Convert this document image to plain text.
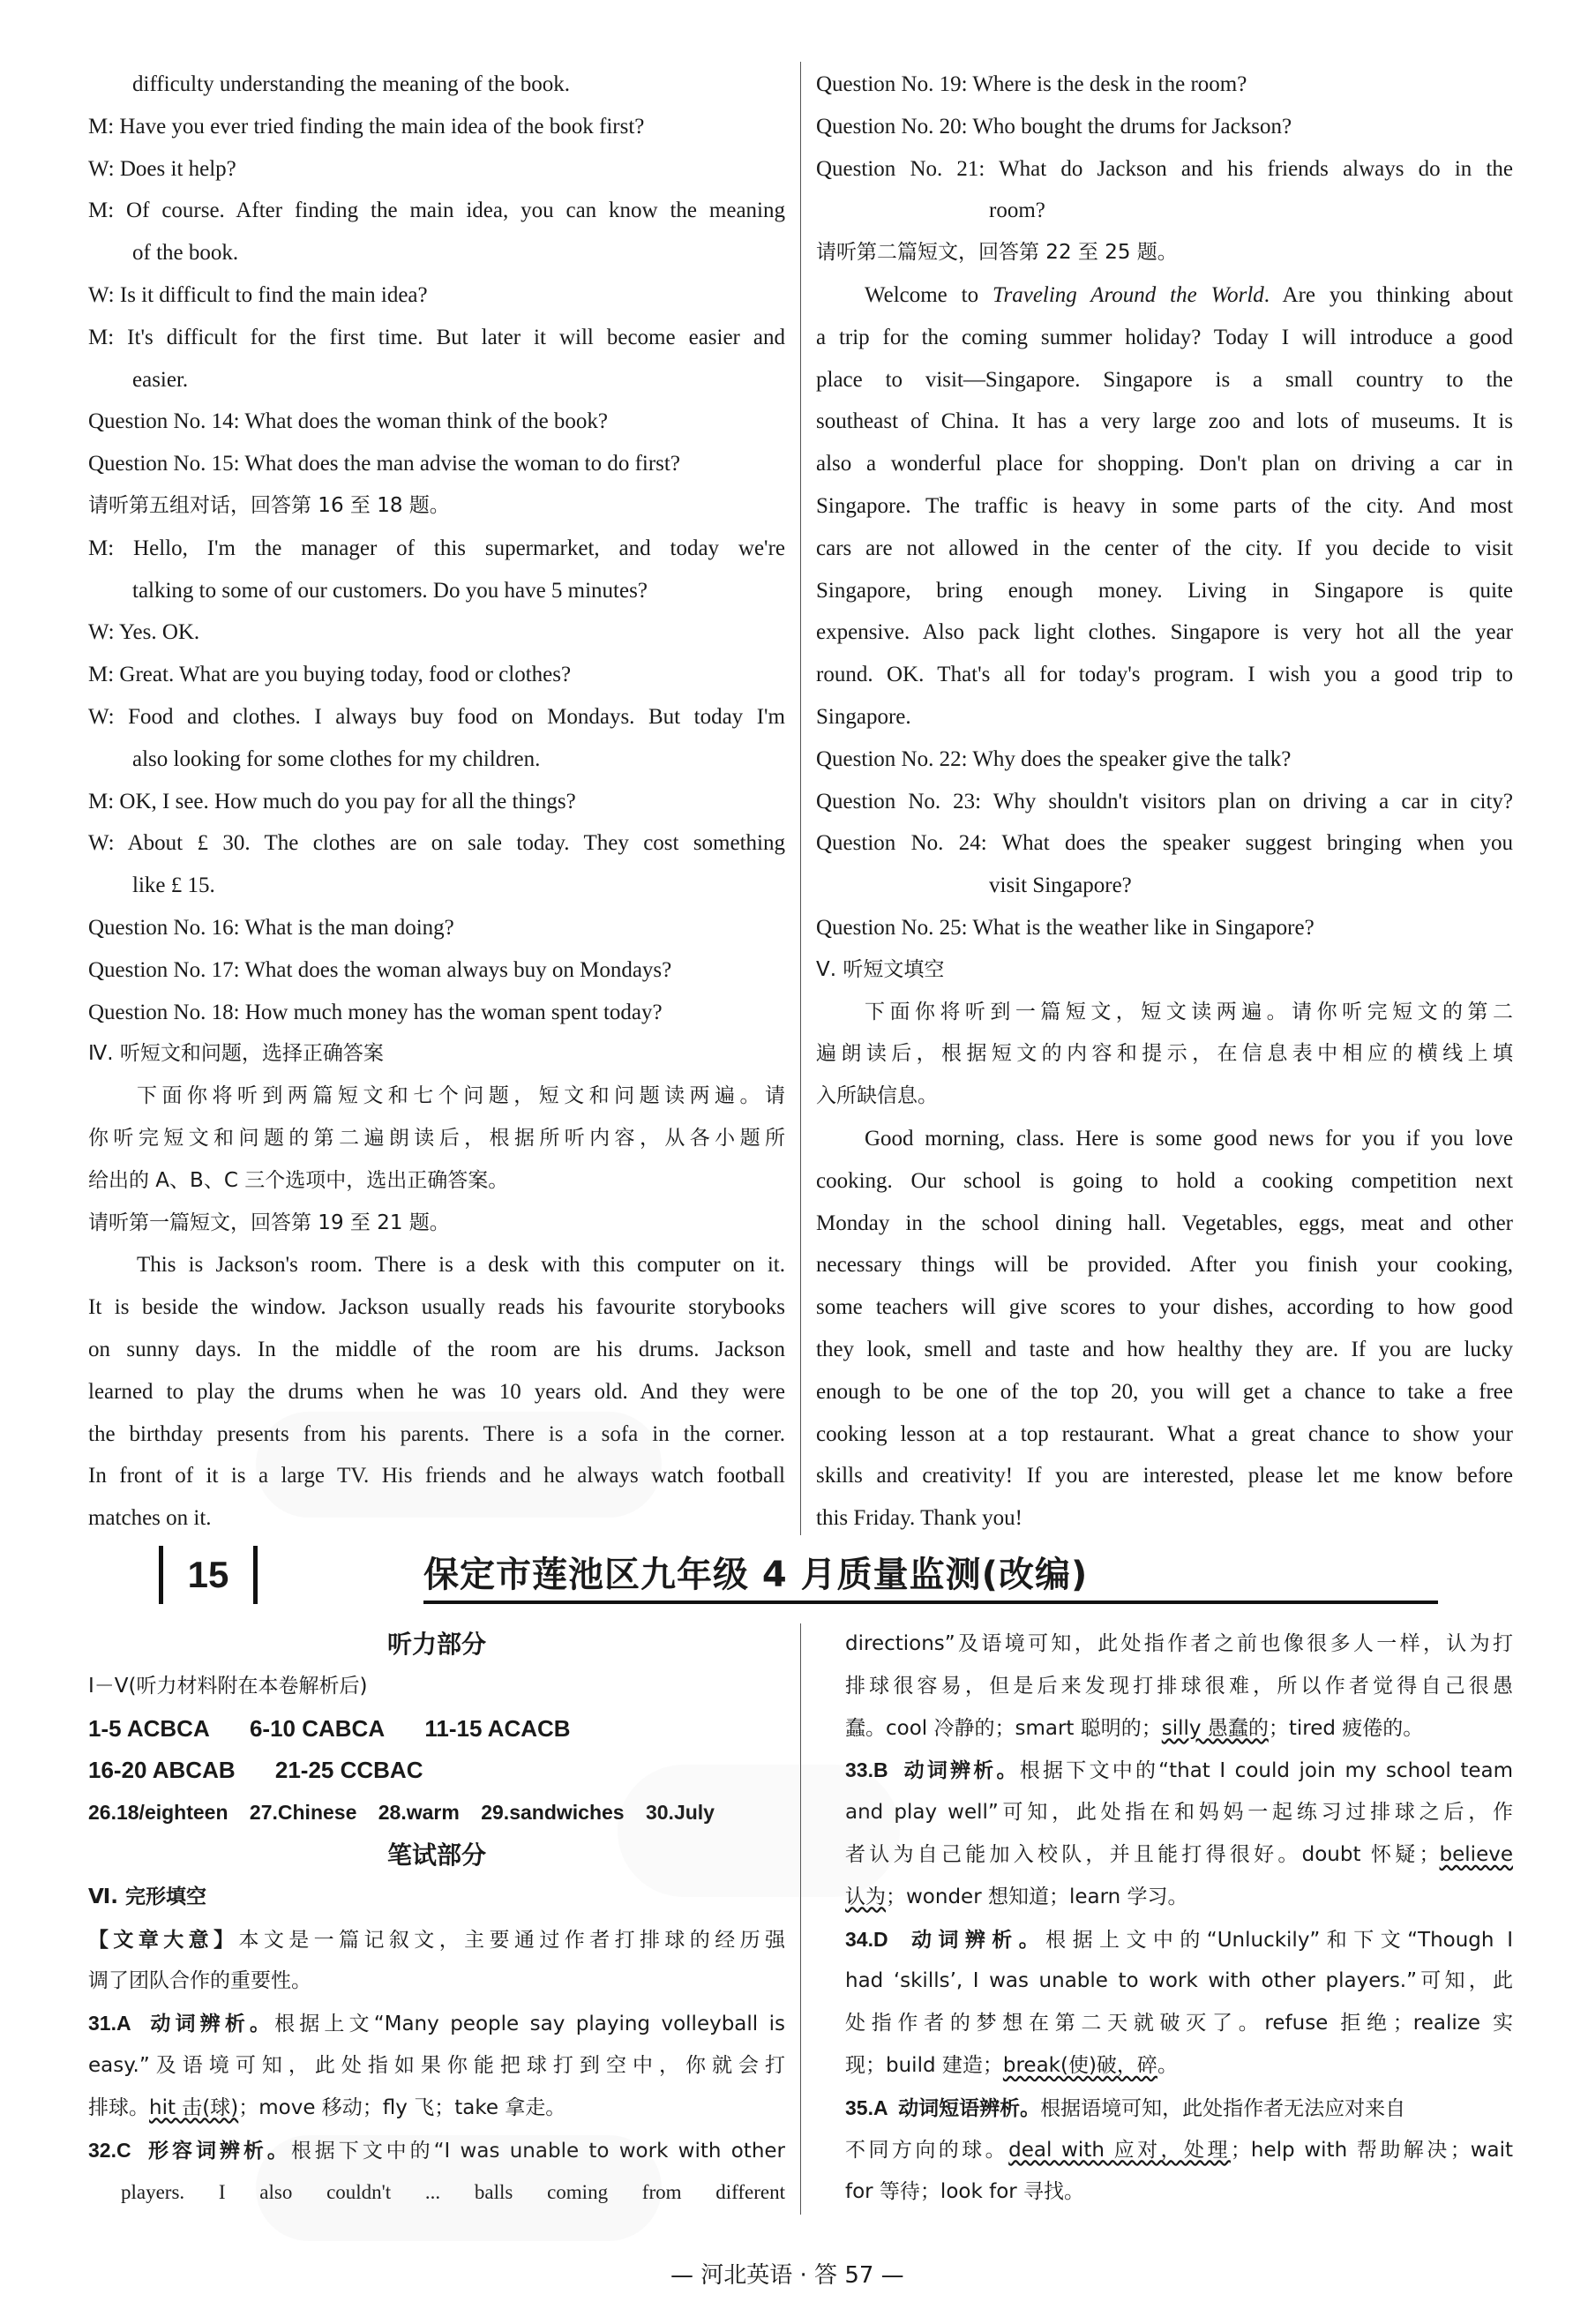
difficulty understanding the meaning of the book.
M: Have you ever tried finding the main idea of the book first?
W: Does it help?
M: Of course. After finding the main idea, you can know the meaning
of the book.
W: Is it difficult to find the main idea?
M: It's difficult for the first time. But later it will become easier and
easier.
Question No. 14: What does the woman think of the book?
Question No. 15: What does the man advise the woman to do first?
请听第五组对话，回答第 16 至 18 题。
M: Hello, I'm the manager of this supermarket, and today we're
talking to some of our customers. Do you have 5 minutes?
W: Yes. OK.
M: Great. What are you buying today, food or clothes?
W: Food and clothes. I always buy food on Mondays. But today I'm
also looking for some clothes for my children.
M: OK, I see. How much do you pay for all the things?
W: About £ 30. The clothes are on sale today. They cost something
like £ 15.
Question No. 16: What is the man doing?
Question No. 17: What does the woman always buy on Mondays?
Question No. 18: How much money has the woman spent today?
Ⅳ. 听短文和问题，选择正确答案
下面你将听到两篇短文和七个问题，短文和问题读两遍。请
你听完短文和问题的第二遍朗读后，根据所听内容，从各小题所
给出的 A、B、C 三个选项中，选出正确答案。
请听第一篇短文，回答第 19 至 21 题。
This is Jackson's room. There is a desk with this computer on it.
It is beside the window. Jackson usually reads his favourite storybooks
on sunny days. In the middle of the room are his drums. Jackson
learned to play the drums when he was 10 years old. And they were
the birthday presents from his parents. There is a sofa in the corner.
In front of it is a large TV. His friends and he always watch football
matches on it.
Question No. 19: Where is the desk in the room?
Question No. 20: Who bought the drums for Jackson?
Question No. 21: What do Jackson and his friends always do in the
room?
请听第二篇短文，回答第 22 至 25 题。
Welcome to Traveling Around the World. Are you thinking about
a trip for the coming summer holiday? Today I will introduce a good
place to visit—Singapore. Singapore is a small country to the
southeast of China. It has a very large zoo and lots of museums. It is
also a wonderful place for shopping. Don't plan on driving a car in
Singapore. The traffic is heavy in some parts of the city. And most
cars are not allowed in the center of the city. If you decide to visit
Singapore, bring enough money. Living in Singapore is quite
expensive. Also pack light clothes. Singapore is very hot all the year
round. OK. That's all for today's program. I wish you a good trip to
Singapore.
Question No. 22: Why does the speaker give the talk?
Question No. 23: Why shouldn't visitors plan on driving a car in city?
Question No. 24: What does the speaker suggest bringing when you
visit Singapore?
Question No. 25: What is the weather like in Singapore?
Ⅴ. 听短文填空
下面你将听到一篇短文，短文读两遍。请你听完短文的第二
遍朗读后，根据短文的内容和提示，在信息表中相应的横线上填
入所缺信息。
Good morning, class. Here is some good news for you if you love
cooking. Our school is going to hold a cooking competition next
Monday in the school dining hall. Vegetables, eggs, meat and other
necessary things will be provided. After you finish your cooking,
some teachers will give scores to your dishes, according to how good
they look, smell and taste and how healthy they are. If you are lucky
enough to be one of the top 20, you will get a chance to take a free
cooking lesson at a top restaurant. What a great chance to show your
skills and creativity! If you are interested, please let me know before
this Friday. Thank you!
15	保定市莲池区九年级 4 月质量监测(改编)
听力部分
Ⅰ－Ⅴ(听力材料附在本卷解析后)
1-5 ACBCA 6-10 CABCA 11-15 ACACB
16-20 ABCAB 21-25 CCBAC
26.18/eighteen 27.Chinese 28.warm 29.sandwiches 30.July
笔试部分
Ⅵ. 完形填空
【文章大意】本文是一篇记叙文，主要通过作者打排球的经历强
调了团队合作的重要性。
31.A 动词辨析。根据上文“Many people say playing volleyball is
easy.”及语境可知，此处指如果你能把球打到空中，你就会打
排球。hit 击(球)；move 移动；fly 飞；take 拿走。
32.C 形容词辨析。根据下文中的“I was unable to work with other
players. I also couldn't ... balls coming from different
directions”及语境可知，此处指作者之前也像很多人一样，认为打
排球很容易，但是后来发现打排球很难，所以作者觉得自己很愚
蠢。cool 冷静的；smart 聪明的；silly 愚蠢的；tired 疲倦的。
33.B 动词辨析。根据下文中的“that I could join my school team
and play well”可知，此处指在和妈妈一起练习过排球之后，作
者认为自己能加入校队，并且能打得很好。doubt 怀疑；believe
认为；wonder 想知道；learn 学习。
34.D 动词辨析。根据上文中的“Unluckily”和下文“Though I
had ‘skills’, I was unable to work with other players.”可知，此
处指作者的梦想在第二天就破灭了。refuse 拒绝；realize 实
现；build 建造；break(使)破，碎。
35.A 动词短语辨析。根据语境可知，此处指作者无法应对来自
不同方向的球。deal with 应对，处理；help with 帮助解决；wait
for 等待；look for 寻找。
— 河北英语 · 答 57 —
